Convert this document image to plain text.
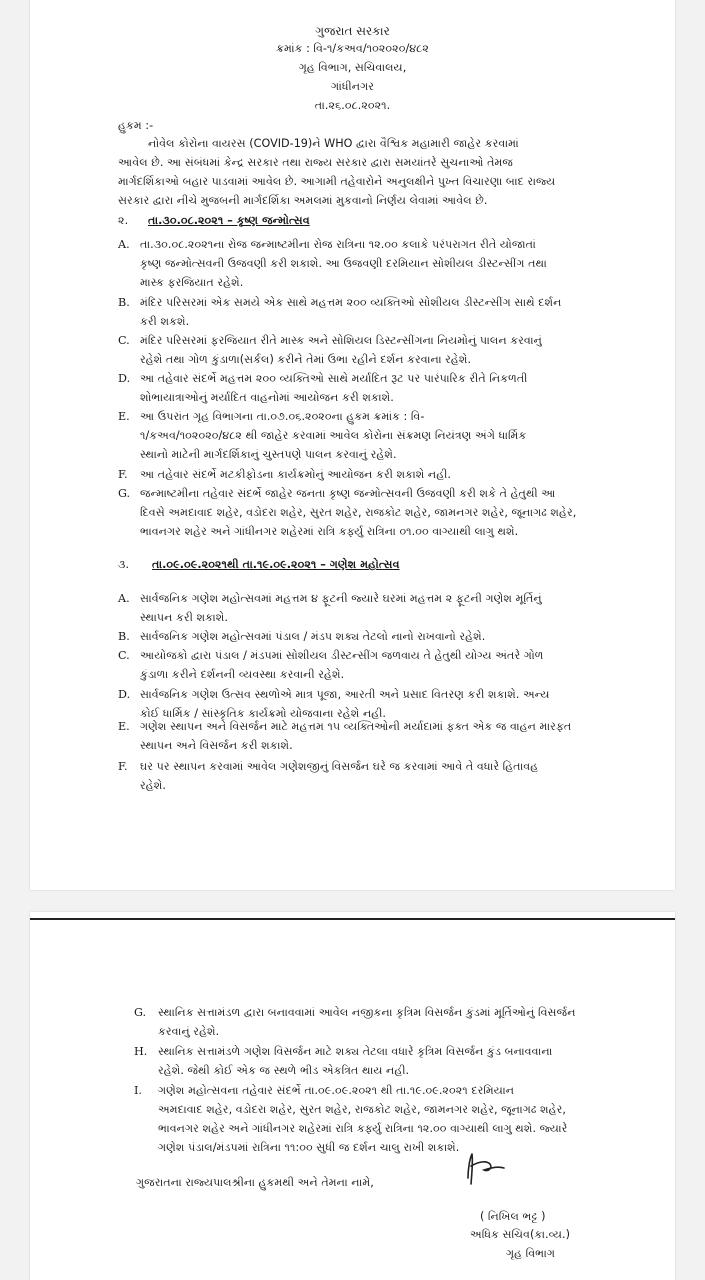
ગુજરાત સરકાર
ક્રમાંક : વિ-૧/કઅવ/૧૦૨૦૨૦/૪૮૨
ગૃહ વિભાગ, સચિવાલય,
ગાંધીનગર
તા.૨૬.૦૮.૨૦૨૧.
હુકમ :-
નોવેલ કોરોના વાયરસ (COVID-19)ને WHO દ્વારા વૈશ્વિક મહામારી જાહેર કરવામાં
આવેલ છે. આ સંબંધમાં કેન્દ્ર સરકાર તથા રાજ્ય સરકાર દ્વારા સમયાંતરે સુચનાઓ તેમજ
માર્ગદર્શિકાઓ બહાર પાડવામાં આવેલ છે. આગામી તહેવારોને અનુલક્ષીને પુખ્ત વિચારણા બાદ રાજ્ય
સરકાર દ્વારા નીચે મુજબની માર્ગદર્શિકા અમલમાં મુકવાનો નિર્ણય લેવામાં આવેલ છે.
૨. તા.૩૦.૦૮.૨૦૨૧ – કૃષ્ણ જન્મોત્સવ
A. તા.૩૦.૦૮.૨૦૨૧ના રોજ જન્માષ્ટમીના રોજ રાત્રિના ૧૨.૦૦ કલાકે પરંપરાગત રીતે યોજાતાં
કૃષ્ણ જન્મોત્સવની ઉજવણી કરી શકાશે. આ ઉજવણી દરમિયાન સોશીયલ ડીસ્ટન્સીંગ તથા
માસ્ક ફરજિયાત રહેશે.
B. મંદિર પરિસરમાં એક સમયે એક સાથે મહત્તમ ૨૦૦ વ્યક્તિઓ સોશીયલ ડીસ્ટન્સીંગ સાથે દર્શન
કરી શકશે.
C. મંદિર પરિસરમાં ફરજિયાત રીતે માસ્ક અને સોશિયલ ડિસ્ટન્સીંગના નિયમોનું પાલન કરવાનું
રહેશે તથા ગોળ કુંડાળા(સર્કલ) કરીને તેમાં ઉભા રહીને દર્શન કરવાના રહેશે.
D. આ તહેવાર સંદર્ભે મહત્તમ ૨૦૦ વ્યક્તિઓ સાથે મર્યાદિત રૂટ પર પારંપારિક રીતે નિકળતી
શોભાયાત્રાઓનું મર્યાદિત વાહનોમાં આયોજન કરી શકાશે.
E. આ ઉપરાંત ગૃહ વિભાગના તા.૦૭.૦૬.૨૦૨૦ના હુકમ ક્રમાંક : વિ-
૧/કઅવ/૧૦૨૦૨૦/૪૮૨ થી જાહેર કરવામાં આવેલ કોરોના સંક્રમણ નિયંત્રણ અંગે ધાર્મિક
સ્થાનો માટેની માર્ગદર્શિકાનું ચુસ્તપણે પાલન કરવાનું રહેશે.
F. આ તહેવાર સંદર્ભે મટકીફોડના કાર્યક્રમોનું આયોજન કરી શકાશે નહી.
G. જન્માષ્ટમીના તહેવાર સંદર્ભે જાહેર જનતા કૃષ્ણ જન્મોત્સવની ઉજવણી કરી શકે તે હેતુથી આ
દિવસે અમદાવાદ શહેર, વડોદરા શહેર, સુરત શહેર, રાજકોટ શહેર, જામનગર શહેર, જૂનાગઢ શહેર,
ભાવનગર શહેર અને ગાંધીનગર શહેરમાં રાત્રિ કર્ફ્યુ રાત્રિના ૦૧.૦૦ વાગ્યાથી લાગુ થશે.
૩. તા.૦૯.૦૯.૨૦૨૧થી તા.૧૯.૦૯.૨૦૨૧ – ગણેશ મહોત્સવ
A. સાર્વજનિક ગણેશ મહોત્સવમાં મહત્તમ ૪ ફૂટની જ્યારે ઘરમાં મહત્તમ ૨ ફૂટની ગણેશ મૂર્તિનું
સ્થાપન કરી શકાશે.
B. સાર્વજનિક ગણેશ મહોત્સવમાં પંડાલ / મંડપ શક્ય તેટલો નાનો રાખવાનો રહેશે.
C. આયોજકો દ્વારા પંડાલ / મંડપમાં સોશીયલ ડીસ્ટન્સીંગ જળવાય તે હેતુથી યોગ્ય અંતરે ગોળ
કુંડાળા કરીને દર્શનની વ્યવસ્થા કરવાની રહેશે.
D. સાર્વજનિક ગણેશ ઉત્સવ સ્થળોએ માત્ર પૂજા, આરતી અને પ્રસાદ વિતરણ કરી શકાશે. અન્ય
કોઈ ધાર્મિક / સાંસ્કૃતિક કાર્યક્રમો યોજવાના રહેશે નહી.
E. ગણેશ સ્થાપન અને વિસર્જન માટે મહત્તમ ૧૫ વ્યક્તિઓની મર્યાદામાં ફક્ત એક જ વાહન મારફત
સ્થાપન અને વિસર્જન કરી શકાશે.
F. ઘર પર સ્થાપન કરવામાં આવેલ ગણેશજીનું વિસર્જન ઘરે જ કરવામાં આવે તે વધારે હિતાવહ
રહેશે.
G. સ્થાનિક સત્તામંડળ દ્વારા બનાવવામાં આવેલ નજીકના કૃત્રિમ વિસર્જન કુંડમાં મૂર્તિઓનું વિસર્જન
કરવાનું રહેશે.
H. સ્થાનિક સત્તામંડળે ગણેશ વિસર્જન માટે શક્ય તેટલા વધારે કૃત્રિમ વિસર્જન કુંડ બનાવવાના
રહેશે. જેથી કોઈ એક જ સ્થળે ભીડ એકત્રિત થાય નહી.
I. ગણેશ મહોત્સવના તહેવાર સંદર્ભે તા.૦૯.૦૯.૨૦૨૧ થી તા.૧૯.૦૯.૨૦૨૧ દરમિયાન
અમદાવાદ શહેર, વડોદરા શહેર, સુરત શહેર, રાજકોટ શહેર, જામનગર શહેર, જૂનાગઢ શહેર,
ભાવનગર શહેર અને ગાંધીનગર શહેરમાં રાત્રિ કર્ફ્યુ રાત્રિના ૧૨.૦૦ વાગ્યાથી લાગુ થશે. જ્યારે
ગણેશ પંડાલ/મંડપમાં રાત્રિના ૧૧:૦૦ સુધી જ દર્શન ચાલુ રાખી શકાશે.
ગુજરાતના રાજ્યપાલશ્રીના હુકમથી અને તેમના નામે,
( નિખિલ ભટ્ટ )
અધિક સચિવ(કા.વ્ય.)
ગૃહ વિભાગ
